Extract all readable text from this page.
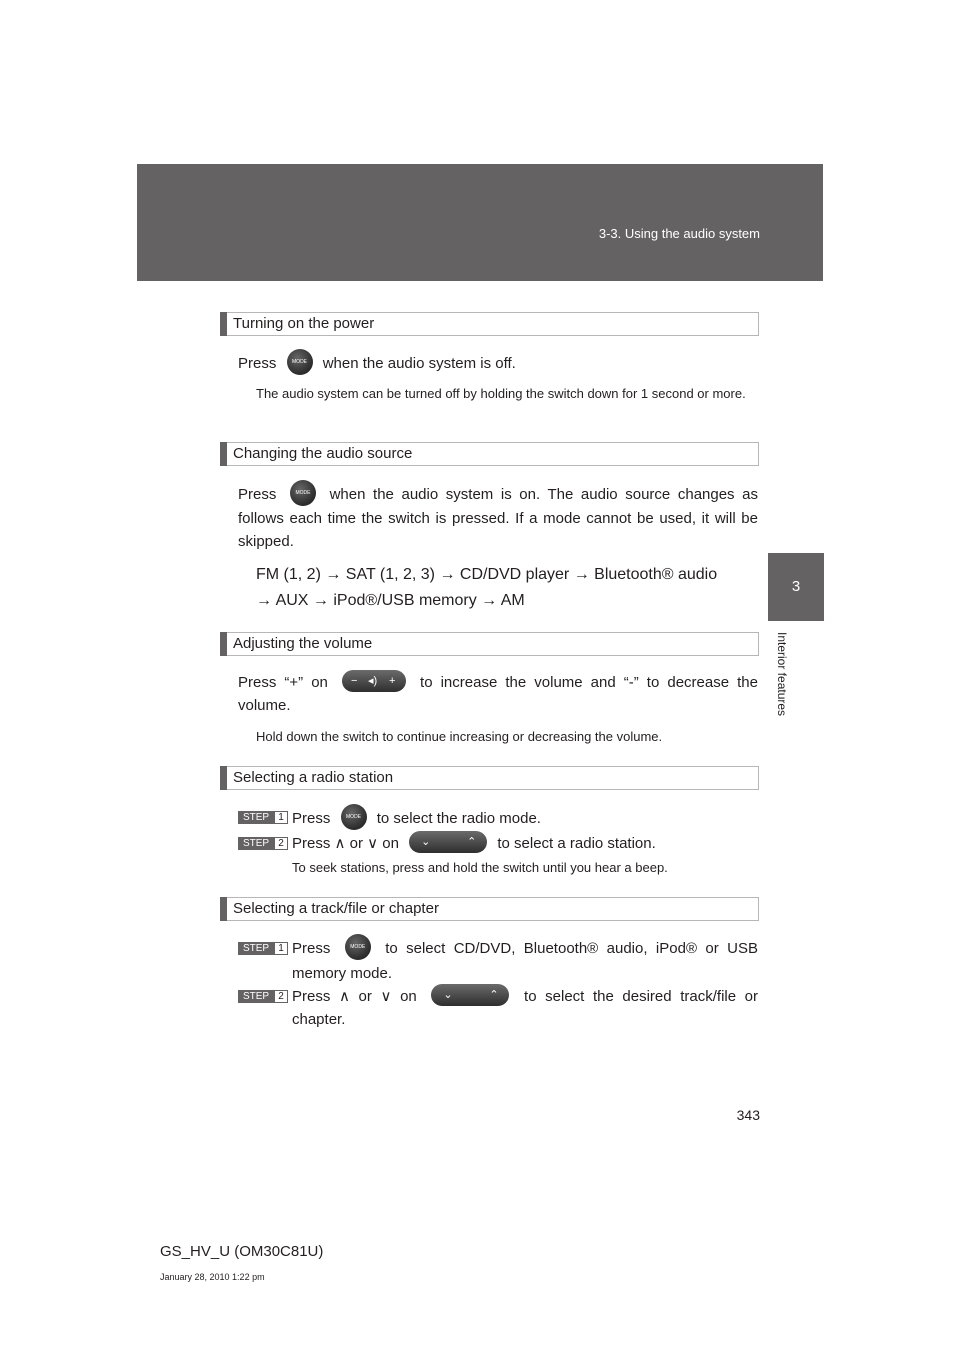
3-3. Using the audio system
3
Interior features
Turning on the power
Press	MODE when the audio system is off.
The audio system can be turned off by holding the switch down for 1 second or more.
Changing the audio source
Press	MODE when the audio system is on. The audio source changes as follows each time the switch is pressed. If a mode cannot be used, it will be skipped.
FM (1, 2) → SAT (1, 2, 3) → CD/DVD player → Bluetooth® audio
→ AUX → iPod®/USB memory → AM
Adjusting the volume
Press “+” on − ◂) + to increase the volume and “-” to decrease the volume.
Hold down the switch to continue increasing or decreasing the volume.
Selecting a radio station
STEP 1 Press	MODE to select the radio mode.
STEP 2 Press ∧ or ∨ on ⌄	⌃ to select a radio station.
To seek stations, press and hold the switch until you hear a beep.
Selecting a track/file or chapter
STEP 1 Press	MODE to select CD/DVD, Bluetooth® audio, iPod® or USB memory mode.
STEP 2 Press ∧ or ∨ on ⌄	⌃ to select the desired track/file or chapter.
343
GS_HV_U (OM30C81U)
January 28, 2010 1:22 pm
